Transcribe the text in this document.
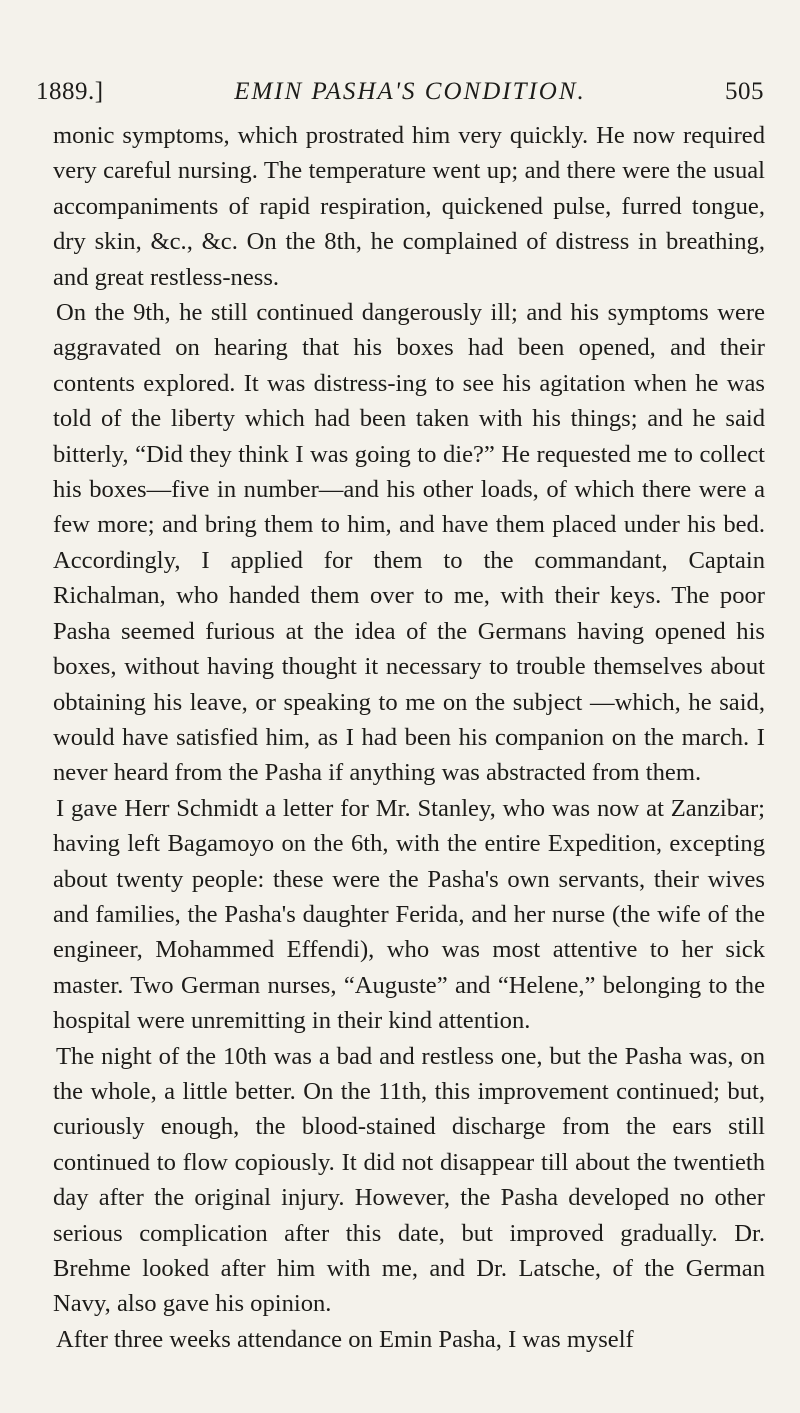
1889.]	EMIN PASHA'S CONDITION.	505

monic symptoms, which prostrated him very quickly. He now required very careful nursing. The temperature went up; and there were the usual accompaniments of rapid respiration, quickened pulse, furred tongue, dry skin, &c., &c. On the 8th, he complained of distress in breathing, and great restless-ness.

On the 9th, he still continued dangerously ill; and his symptoms were aggravated on hearing that his boxes had been opened, and their contents explored. It was distress-ing to see his agitation when he was told of the liberty which had been taken with his things; and he said bitterly, “Did they think I was going to die?” He requested me to collect his boxes—five in number—and his other loads, of which there were a few more; and bring them to him, and have them placed under his bed. Accordingly, I applied for them to the commandant, Captain Richalman, who handed them over to me, with their keys. The poor Pasha seemed furious at the idea of the Germans having opened his boxes, without having thought it necessary to trouble themselves about obtaining his leave, or speaking to me on the subject —which, he said, would have satisfied him, as I had been his companion on the march. I never heard from the Pasha if anything was abstracted from them.

I gave Herr Schmidt a letter for Mr. Stanley, who was now at Zanzibar; having left Bagamoyo on the 6th, with the entire Expedition, excepting about twenty people: these were the Pasha's own servants, their wives and families, the Pasha's daughter Ferida, and her nurse (the wife of the engineer, Mohammed Effendi), who was most attentive to her sick master. Two German nurses, “Auguste” and “Helene,” belonging to the hospital were unremitting in their kind attention.

The night of the 10th was a bad and restless one, but the Pasha was, on the whole, a little better. On the 11th, this improvement continued; but, curiously enough, the blood-stained discharge from the ears still continued to flow copiously. It did not disappear till about the twentieth day after the original injury. However, the Pasha developed no other serious complication after this date, but improved gradually. Dr. Brehme looked after him with me, and Dr. Latsche, of the German Navy, also gave his opinion.

After three weeks attendance on Emin Pasha, I was myself
